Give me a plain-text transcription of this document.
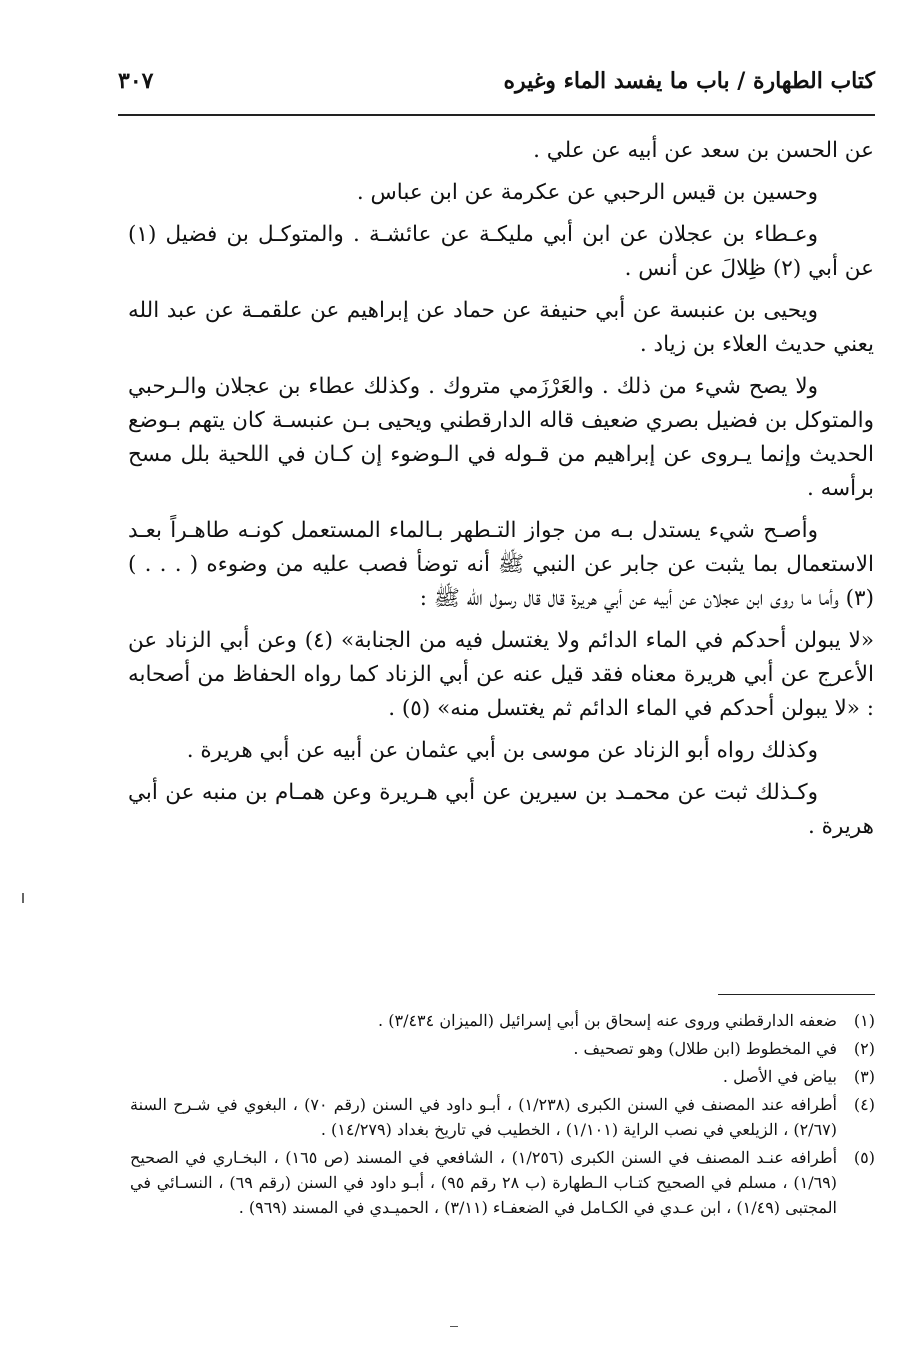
كتاب الطهارة / باب ما يفسد الماء وغيره
٣٠٧

عن الحسن بن سعد عن أبيه عن علي .

وحسين بن قيس الرحبي عن عكرمة عن ابن عباس .

وعـطاء بن عجلان عن ابن أبي مليكـة عن عائشـة . والمتوكـل بن فضيل (١) عن أبي (٢) ظِلالَ عن أنس .

ويحيى بن عنبسة عن أبي حنيفة عن حماد عن إبراهيم عن علقمـة عن عبد الله يعني حديث العلاء بن زياد .

ولا يصح شيء من ذلك . والعَرْزَمي متروك . وكذلك عطاء بن عجلان والـرحبي والمتوكل بن فضيل بصري ضعيف قاله الدارقطني ويحيى بـن عنبسـة كان يتهم بـوضع الحديث وإنما يـروى عن إبراهيم من قـوله في الـوضوء إن كـان في اللحية بلل مسح برأسه .

وأصـح شيء يستدل بـه من جواز التـطهر بـالماء المستعمل كونـه طاهـراً بعـد الاستعمال بما يثبت عن جابر عن النبي ﷺ أنه توضأ فصب عليه من وضوءه ( . . . ) (٣) وأما ما روى ابن عجلان عن أبيه عن أبي هريرة قال قال رسول الله ﷺ :

«لا يبولن أحدكم في الماء الدائم ولا يغتسل فيه من الجنابة» (٤) وعن أبي الزناد عن الأعرج عن أبي هريرة معناه فقد قيل عنه عن أبي الزناد كما رواه الحفاظ من أصحابه : «لا يبولن أحدكم في الماء الدائم ثم يغتسل منه» (٥) .

وكذلك رواه أبو الزناد عن موسى بن أبي عثمان عن أبيه عن أبي هريرة .

وكـذلك ثبت عن محمـد بن سيرين عن أبي هـريرة وعن همـام بن منبه عن أبي هريرة .

(١)
ضعفه الدارقطني وروى عنه إسحاق بن أبي إسرائيل (الميزان ٣/٤٣٤) .
(٢)
في المخطوط (ابن طلال) وهو تصحيف .
(٣)
بياض في الأصل .
(٤)
أطرافه عند المصنف في السنن الكبرى (١/٢٣٨) ، أبـو داود في السنن (رقم ٧٠) ، البغوي في شـرح السنة (٢/٦٧) ، الزيلعي في نصب الراية (١/١٠١) ، الخطيب في تاريخ بغداد (١٤/٢٧٩) .
(٥)
أطرافه عنـد المصنف في السنن الكبرى (١/٢٥٦) ، الشافعي في المسند (ص ١٦٥) ، البخـاري في الصحيح (١/٦٩) ، مسلم في الصحيح كتـاب الـطهارة (ب ٢٨ رقم ٩٥) ، أبـو داود في السنن (رقم ٦٩) ، النسـائي في المجتبى (١/٤٩) ، ابن عـدي في الكـامل في الضعفـاء (٣/١١) ، الحميـدي في المسند (٩٦٩) .
